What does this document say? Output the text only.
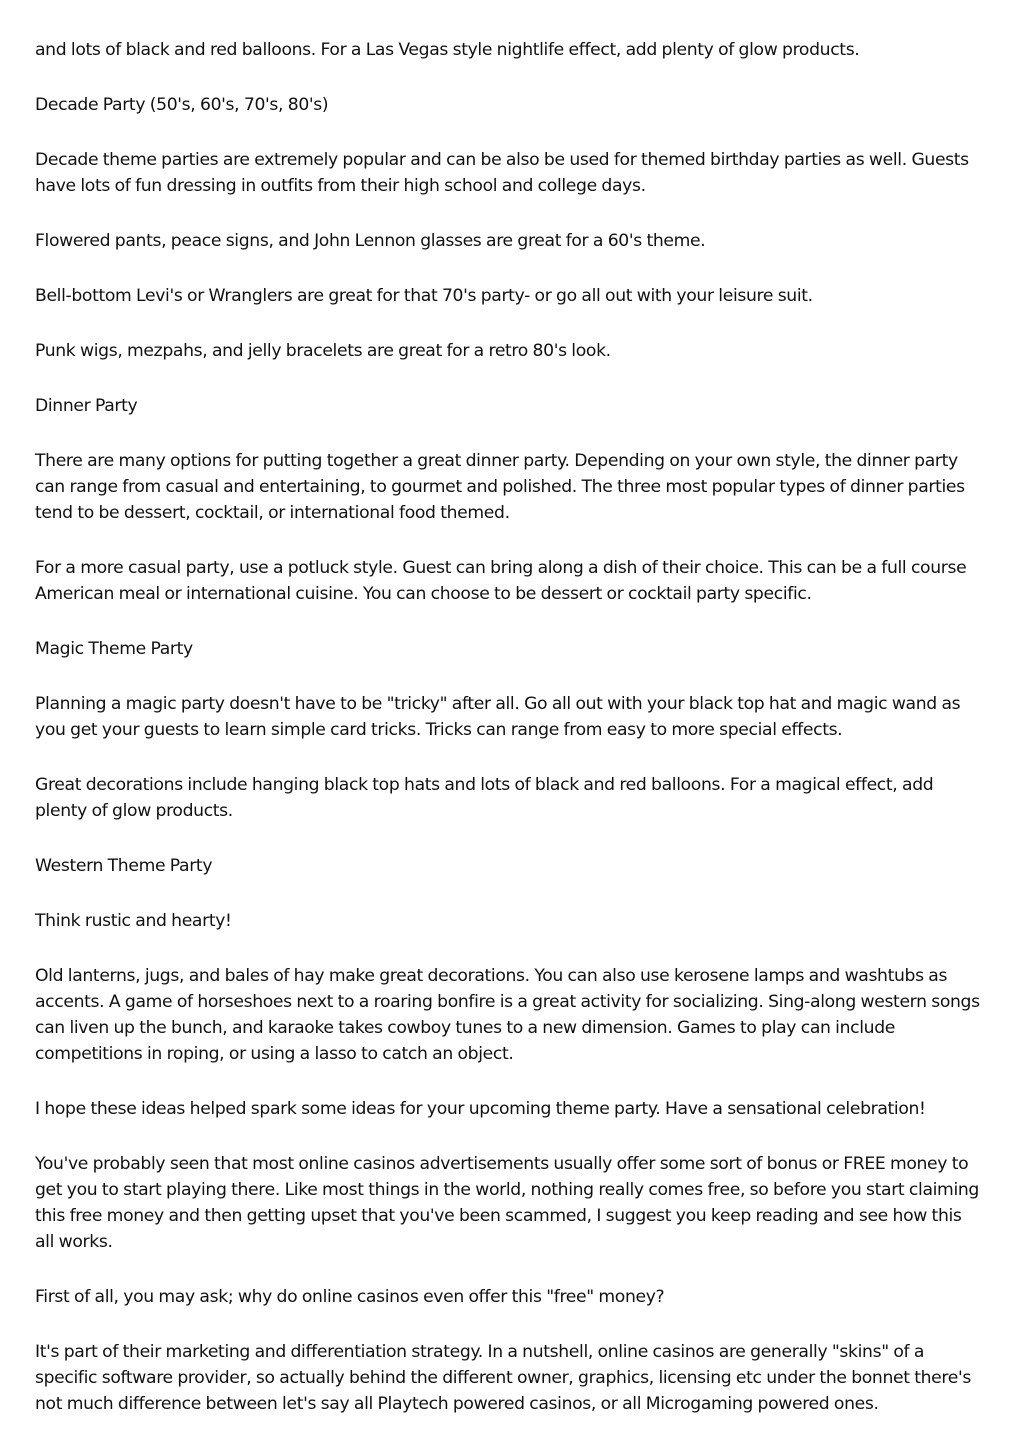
and lots of black and red balloons. For a Las Vegas style nightlife effect, add plenty of glow products.

Decade Party (50's, 60's, 70's, 80's)

Decade theme parties are extremely popular and can be also be used for themed birthday parties as well. Guests have lots of fun dressing in outfits from their high school and college days.

Flowered pants, peace signs, and John Lennon glasses are great for a 60's theme.

Bell-bottom Levi's or Wranglers are great for that 70's party- or go all out with your leisure suit.

Punk wigs, mezpahs, and jelly bracelets are great for a retro 80's look.

Dinner Party

There are many options for putting together a great dinner party. Depending on your own style, the dinner party can range from casual and entertaining, to gourmet and polished. The three most popular types of dinner parties tend to be dessert, cocktail, or international food themed.

For a more casual party, use a potluck style. Guest can bring along a dish of their choice. This can be a full course American meal or international cuisine. You can choose to be dessert or cocktail party specific.

Magic Theme Party

Planning a magic party doesn't have to be "tricky" after all. Go all out with your black top hat and magic wand as you get your guests to learn simple card tricks. Tricks can range from easy to more special effects.

Great decorations include hanging black top hats and lots of black and red balloons. For a magical effect, add plenty of glow products.

Western Theme Party

Think rustic and hearty!

Old lanterns, jugs, and bales of hay make great decorations. You can also use kerosene lamps and washtubs as accents. A game of horseshoes next to a roaring bonfire is a great activity for socializing. Sing-along western songs can liven up the bunch, and karaoke takes cowboy tunes to a new dimension. Games to play can include competitions in roping, or using a lasso to catch an object.

I hope these ideas helped spark some ideas for your upcoming theme party. Have a sensational celebration!

You've probably seen that most online casinos advertisements usually offer some sort of bonus or FREE money to get you to start playing there. Like most things in the world, nothing really comes free, so before you start claiming this free money and then getting upset that you've been scammed, I suggest you keep reading and see how this all works.

First of all, you may ask; why do online casinos even offer this "free" money?

It's part of their marketing and differentiation strategy. In a nutshell, online casinos are generally "skins" of a specific software provider, so actually behind the different owner, graphics, licensing etc under the bonnet there's not much difference between let's say all Playtech powered casinos, or all Microgaming powered ones.
